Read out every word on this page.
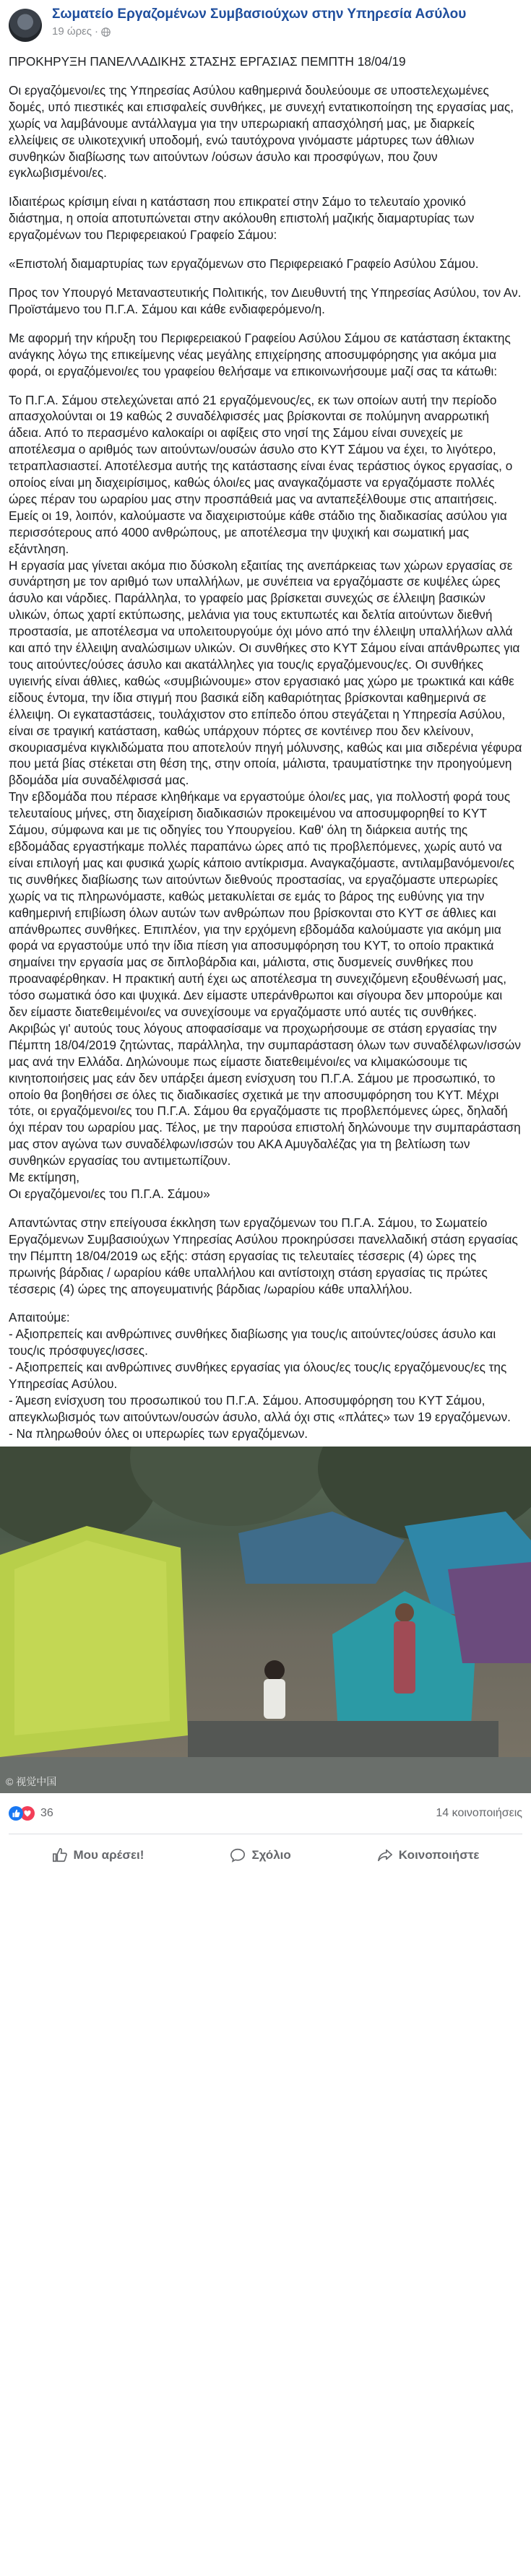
Σωματείο Εργαζομένων Συμβασιούχων στην Υπηρεσία Ασύλου
19 ώρες ·

ΠΡΟΚΗΡΥΞΗ ΠΑΝΕΛΛΑΔΙΚΗΣ ΣΤΑΣΗΣ ΕΡΓΑΣΙΑΣ ΠΕΜΠΤΗ 18/04/19

Οι εργαζόμενοι/ες της Υπηρεσίας Ασύλου καθημερινά δουλεύουμε σε υποστελεχωμένες δομές, υπό πιεστικές και επισφαλείς συνθήκες, με συνεχή εντατικοποίηση της εργασίας μας, χωρίς να λαμβάνουμε αντάλλαγμα για την υπερωριακή απασχόλησή μας, με διαρκείς ελλείψεις σε υλικοτεχνική υποδομή, ενώ ταυτόχρονα γινόμαστε μάρτυρες των άθλιων συνθηκών διαβίωσης των αιτούντων /ούσων άσυλο και προσφύγων, που ζουν εγκλωβισμένοι/ες.

Ιδιαιτέρως κρίσιμη είναι η κατάσταση που επικρατεί στην Σάμο το τελευταίο χρονικό διάστημα, η οποία αποτυπώνεται στην ακόλουθη επιστολή μαζικής διαμαρτυρίας των εργαζομένων του Περιφερειακού Γραφείο Σάμου:

«Επιστολή διαμαρτυρίας των εργαζόμενων στο Περιφερειακό Γραφείο Ασύλου Σάμου.

Προς τον Υπουργό Μεταναστευτικής Πολιτικής, τον Διευθυντή της Υπηρεσίας Ασύλου, τον Αν. Προϊστάμενο του Π.Γ.Α. Σάμου και κάθε ενδιαφερόμενο/η.

Με αφορμή την κήρυξη του Περιφερειακού Γραφείου Ασύλου Σάμου σε κατάσταση έκτακτης ανάγκης λόγω της επικείμενης νέας μεγάλης επιχείρησης αποσυμφόρησης για ακόμα μια φορά, οι εργαζόμενοι/ες του γραφείου θελήσαμε να επικοινωνήσουμε μαζί σας τα κάτωθι:

Το Π.Γ.Α. Σάμου στελεχώνεται από 21 εργαζόμενους/ες, εκ των οποίων αυτή την περίοδο απασχολούνται οι 19 καθώς 2 συναδέλφισσές μας βρίσκονται σε πολύμηνη αναρρωτική άδεια. Από το περασμένο καλοκαίρι οι αφίξεις στο νησί της Σάμου είναι συνεχείς με αποτέλεσμα ο αριθμός των αιτούντων/ουσών άσυλο στο ΚΥΤ Σάμου να έχει, το λιγότερο, τετραπλασιαστεί. Αποτέλεσμα αυτής της κατάστασης είναι ένας τεράστιος όγκος εργασίας, ο οποίος είναι μη διαχειρίσιμος, καθώς όλοι/ες μας αναγκαζόμαστε να εργαζόμαστε πολλές ώρες πέραν του ωραρίου μας στην προσπάθειά μας να ανταπεξέλθουμε στις απαιτήσεις. Εμείς οι 19, λοιπόν, καλούμαστε να διαχειριστούμε κάθε στάδιο της διαδικασίας ασύλου για περισσότερους από 4000 ανθρώπους, με αποτέλεσμα την ψυχική και σωματική μας εξάντληση.

Η εργασία μας γίνεται ακόμα πιο δύσκολη εξαιτίας της ανεπάρκειας των χώρων εργασίας σε συνάρτηση με τον αριθμό των υπαλλήλων, με συνέπεια να εργαζόμαστε σε κυψέλες ώρες άσυλο και νάρδιες. Παράλληλα, το γραφείο μας βρίσκεται συνεχώς σε έλλειψη βασικών υλικών, όπως χαρτί εκτύπωσης, μελάνια για τους εκτυπωτές και δελτία αιτούντων διεθνή προστασία, με αποτέλεσμα να υπολειτουργούμε όχι μόνο από την έλλειψη υπαλλήλων αλλά και από την έλλειψη αναλώσιμων υλικών. Οι συνθήκες στο ΚΥΤ Σάμου είναι απάνθρωπες για τους αιτούντες/ούσες άσυλο και ακατάλληλες για τους/ις εργαζόμενους/ες. Οι συνθήκες υγιεινής είναι άθλιες, καθώς «συμβιώνουμε» στον εργασιακό μας χώρο με τρωκτικά και κάθε είδους έντομα, την ίδια στιγμή που βασικά είδη καθαριότητας βρίσκονται καθημερινά σε έλλειψη. Οι εγκαταστάσεις, τουλάχιστον στο επίπεδο όπου στεγάζεται η Υπηρεσία Ασύλου, είναι σε τραγική κατάσταση, καθώς υπάρχουν πόρτες σε κοντέινερ που δεν κλείνουν, σκουριασμένα κιγκλιδώματα που αποτελούν πηγή μόλυνσης, καθώς και μια σιδερένια γέφυρα που μετά βίας στέκεται στη θέση της, στην οποία, μάλιστα, τραυματίστηκε την προηγούμενη βδομάδα μία συναδέλφισσά μας.

Την εβδομάδα που πέρασε κληθήκαμε να εργαστούμε όλοι/ες μας, για πολλοστή φορά τους τελευταίους μήνες, στη διαχείριση διαδικασιών προκειμένου να αποσυμφορηθεί το ΚΥΤ Σάμου, σύμφωνα και με τις οδηγίες του Υπουργείου. Καθ' όλη τη διάρκεια αυτής της εβδομάδας εργαστήκαμε πολλές παραπάνω ώρες από τις προβλεπόμενες, χωρίς αυτό να είναι επιλογή μας και φυσικά χωρίς κάποιο αντίκρισμα. Αναγκαζόμαστε, αντιλαμβανόμενοι/ες τις συνθήκες διαβίωσης των αιτούντων διεθνούς προστασίας, να εργαζόμαστε υπερωρίες χωρίς να τις πληρωνόμαστε, καθώς μετακυλίεται σε εμάς το βάρος της ευθύνης για την καθημερινή επιβίωση όλων αυτών των ανθρώπων που βρίσκονται στο ΚΥΤ σε άθλιες και απάνθρωπες συνθήκες. Επιπλέον, για την ερχόμενη εβδομάδα καλούμαστε για ακόμη μια φορά να εργαστούμε υπό την ίδια πίεση για αποσυμφόρηση του ΚΥΤ, το οποίο πρακτικά σημαίνει την εργασία μας σε διπλοβάρδια και, μάλιστα, στις δυσμενείς συνθήκες που προαναφέρθηκαν. Η πρακτική αυτή έχει ως αποτέλεσμα τη συνεχιζόμενη εξουθένωσή μας, τόσο σωματικά όσο και ψυχικά. Δεν είμαστε υπεράνθρωποι και σίγουρα δεν μπορούμε και δεν είμαστε διατεθειμένοι/ες να συνεχίσουμε να εργαζόμαστε υπό αυτές τις συνθήκες.

Ακριβώς γι' αυτούς τους λόγους αποφασίσαμε να προχωρήσουμε σε στάση εργασίας την Πέμπτη 18/04/2019 ζητώντας, παράλληλα, την συμπαράσταση όλων των συναδέλφων/ισσών μας ανά την Ελλάδα. Δηλώνουμε πως είμαστε διατεθειμένοι/ες να κλιμακώσουμε τις κινητοποιήσεις μας εάν δεν υπάρξει άμεση ενίσχυση του Π.Γ.Α. Σάμου με προσωπικό, το οποίο θα βοηθήσει σε όλες τις διαδικασίες σχετικά με την αποσυμφόρηση του ΚΥΤ. Μέχρι τότε, οι εργαζόμενοι/ες του Π.Γ.Α. Σάμου θα εργαζόμαστε τις προβλεπόμενες ώρες, δηλαδή όχι πέραν του ωραρίου μας. Τέλος, με την παρούσα επιστολή δηλώνουμε την συμπαράσταση μας στον αγώνα των συναδέλφων/ισσών του ΑΚΑ Αμυγδαλέζας για τη βελτίωση των συνθηκών εργασίας του αντιμετωπίζουν.

Με εκτίμηση,

Οι εργαζόμενοι/ες του Π.Γ.Α. Σάμου»

Απαντώντας στην επείγουσα έκκληση των εργαζόμενων του Π.Γ.Α. Σάμου, το Σωματείο Εργαζόμενων Συμβασιούχων Υπηρεσίας Ασύλου προκηρύσσει πανελλαδική στάση εργασίας την Πέμπτη 18/04/2019 ως εξής: στάση εργασίας τις τελευταίες τέσσερις (4) ώρες της πρωινής βάρδιας / ωραρίου κάθε υπαλλήλου και αντίστοιχη στάση εργασίας τις πρώτες τέσσερις (4) ώρες της απογευματινής βάρδιας /ωραρίου κάθε υπαλλήλου.

Απαιτούμε:

- Αξιοπρεπείς και ανθρώπινες συνθήκες διαβίωσης για τους/ις αιτούντες/ούσες άσυλο και τους/ις πρόσφυγες/ισσες.

- Αξιοπρεπείς και ανθρώπινες συνθήκες εργασίας για όλους/ες τους/ις εργαζόμενους/ες της Υπηρεσίας Ασύλου.

- Άμεση ενίσχυση του προσωπικού του Π.Γ.Α. Σάμου. Αποσυμφόρηση του ΚΥΤ Σάμου, απεγκλωβισμός των αιτούντων/ουσών άσυλο, αλλά όχι στις «πλάτες» των 19 εργαζόμενων.

- Να πληρωθούν όλες οι υπερωρίες των εργαζόμενων.

© 视觉中国
36	14 κοινοποιήσεις
Μου αρέσει!	Σχόλιο	Κοινοποιήστε
